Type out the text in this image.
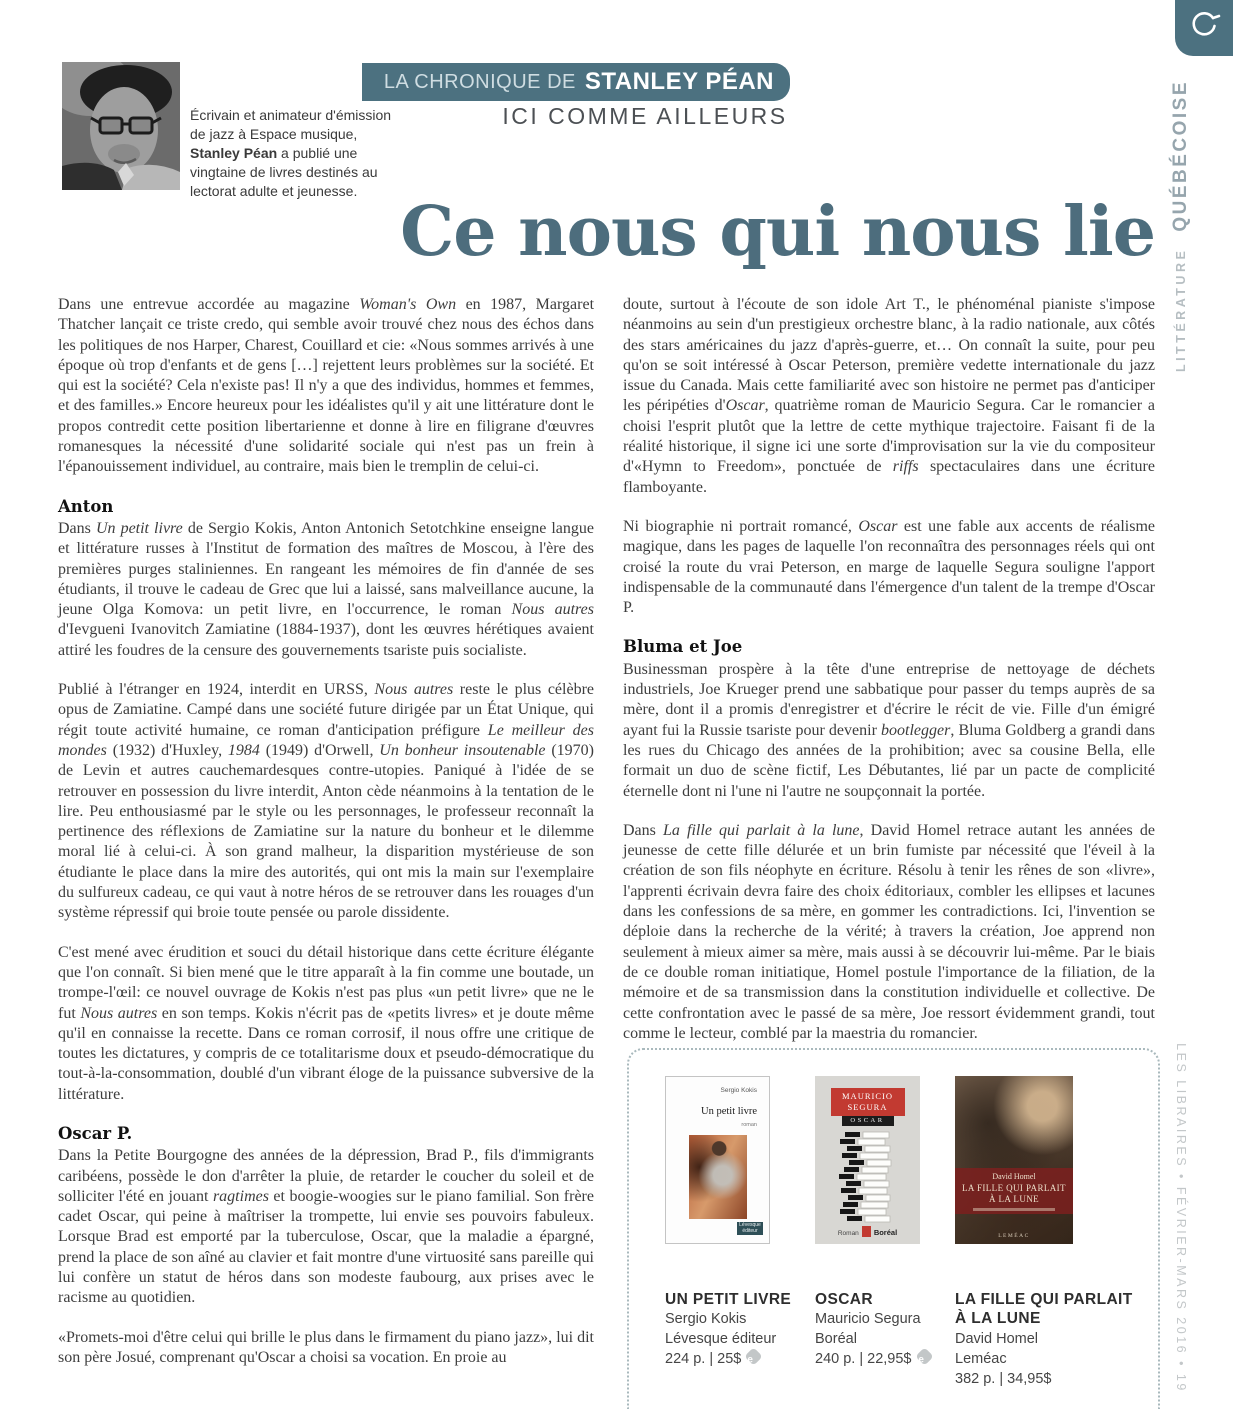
LITTÉRATURE
QUÉBÉCOISE
LES LIBRAIRES • FÉVRIER-MARS 2016 • 19
Écrivain et animateur d'émission de jazz à Espace musique, Stanley Péan a publié une vingtaine de livres destinés au lectorat adulte et jeunesse.
LA CHRONIQUE DE STANLEY PÉAN
ICI COMME AILLEURS
Ce nous qui nous lie

Dans une entrevue accordée au magazine Woman's Own en 1987, Margaret Thatcher lançait ce triste credo, qui semble avoir trouvé chez nous des échos dans les politiques de nos Harper, Charest, Couillard et cie: «Nous sommes arrivés à une époque où trop d'enfants et de gens […] rejettent leurs problèmes sur la société. Et qui est la société? Cela n'existe pas! Il n'y a que des individus, hommes et femmes, et des familles.» Encore heureux pour les idéalistes qu'il y ait une littérature dont le propos contredit cette position libertarienne et donne à lire en filigrane d'œuvres romanesques la nécessité d'une solidarité sociale qui n'est pas un frein à l'épanouissement individuel, au contraire, mais bien le tremplin de celui-ci.

Anton

Dans Un petit livre de Sergio Kokis, Anton Antonich Setotchkine enseigne langue et littérature russes à l'Institut de formation des maîtres de Moscou, à l'ère des premières purges staliniennes. En rangeant les mémoires de fin d'année de ses étudiants, il trouve le cadeau de Grec que lui a laissé, sans malveillance aucune, la jeune Olga Komova: un petit livre, en l'occurrence, le roman Nous autres d'Ievgueni Ivanovitch Zamiatine (1884-1937), dont les œuvres hérétiques avaient attiré les foudres de la censure des gouvernements tsariste puis socialiste.

Publié à l'étranger en 1924, interdit en URSS, Nous autres reste le plus célèbre opus de Zamiatine. Campé dans une société future dirigée par un État Unique, qui régit toute activité humaine, ce roman d'anticipation préfigure Le meilleur des mondes (1932) d'Huxley, 1984 (1949) d'Orwell, Un bonheur insoutenable (1970) de Levin et autres cauchemardesques contre-utopies. Paniqué à l'idée de se retrouver en possession du livre interdit, Anton cède néanmoins à la tentation de le lire. Peu enthousiasmé par le style ou les personnages, le professeur reconnaît la pertinence des réflexions de Zamiatine sur la nature du bonheur et le dilemme moral lié à celui-ci. À son grand malheur, la disparition mystérieuse de son étudiante le place dans la mire des autorités, qui ont mis la main sur l'exemplaire du sulfureux cadeau, ce qui vaut à notre héros de se retrouver dans les rouages d'un système répressif qui broie toute pensée ou parole dissidente.

C'est mené avec érudition et souci du détail historique dans cette écriture élégante que l'on connaît. Si bien mené que le titre apparaît à la fin comme une boutade, un trompe-l'œil: ce nouvel ouvrage de Kokis n'est pas plus «un petit livre» que ne le fut Nous autres en son temps. Kokis n'écrit pas de «petits livres» et je doute même qu'il en connaisse la recette. Dans ce roman corrosif, il nous offre une critique de toutes les dictatures, y compris de ce totalitarisme doux et pseudo-démocratique du tout-à-la-consommation, doublé d'un vibrant éloge de la puissance subversive de la littérature.

Oscar P.

Dans la Petite Bourgogne des années de la dépression, Brad P., fils d'immigrants caribéens, possède le don d'arrêter la pluie, de retarder le coucher du soleil et de solliciter l'été en jouant ragtimes et boogie-woogies sur le piano familial. Son frère cadet Oscar, qui peine à maîtriser la trompette, lui envie ses pouvoirs fabuleux. Lorsque Brad est emporté par la tuberculose, Oscar, que la maladie a épargné, prend la place de son aîné au clavier et fait montre d'une virtuosité sans pareille qui lui confère un statut de héros dans son modeste faubourg, aux prises avec le racisme au quotidien.

«Promets-moi d'être celui qui brille le plus dans le firmament du piano jazz», lui dit son père Josué, comprenant qu'Oscar a choisi sa vocation. En proie au

doute, surtout à l'écoute de son idole Art T., le phénoménal pianiste s'impose néanmoins au sein d'un prestigieux orchestre blanc, à la radio nationale, aux côtés des stars américaines du jazz d'après-guerre, et… On connaît la suite, pour peu qu'on se soit intéressé à Oscar Peterson, première vedette internationale du jazz issue du Canada. Mais cette familiarité avec son histoire ne permet pas d'anticiper les péripéties d'Oscar, quatrième roman de Mauricio Segura. Car le romancier a choisi l'esprit plutôt que la lettre de cette mythique trajectoire. Faisant fi de la réalité historique, il signe ici une sorte d'improvisation sur la vie du compositeur d'«Hymn to Freedom», ponctuée de riffs spectaculaires dans une écriture flamboyante.

Ni biographie ni portrait romancé, Oscar est une fable aux accents de réalisme magique, dans les pages de laquelle l'on reconnaîtra des personnages réels qui ont croisé la route du vrai Peterson, en marge de laquelle Segura souligne l'apport indispensable de la communauté dans l'émergence d'un talent de la trempe d'Oscar P.

Bluma et Joe

Businessman prospère à la tête d'une entreprise de nettoyage de déchets industriels, Joe Krueger prend une sabbatique pour passer du temps auprès de sa mère, dont il a promis d'enregistrer et d'écrire le récit de vie. Fille d'un émigré ayant fui la Russie tsariste pour devenir bootlegger, Bluma Goldberg a grandi dans les rues du Chicago des années de la prohibition; avec sa cousine Bella, elle formait un duo de scène fictif, Les Débutantes, lié par un pacte de complicité éternelle dont ni l'une ni l'autre ne soupçonnait la portée.

Dans La fille qui parlait à la lune, David Homel retrace autant les années de jeunesse de cette fille délurée et un brin fumiste par nécessité que l'éveil à la création de son fils néophyte en écriture. Résolu à tenir les rênes de son «livre», l'apprenti écrivain devra faire des choix éditoriaux, combler les ellipses et lacunes dans les confessions de sa mère, en gommer les contradictions. Ici, l'invention se déploie dans la recherche de la vérité; à travers la création, Joe apprend non seulement à mieux aimer sa mère, mais aussi à se découvrir lui-même. Par le biais de ce double roman initiatique, Homel postule l'importance de la filiation, de la mémoire et de sa transmission dans la constitution individuelle et collective. De cette confrontation avec le passé de sa mère, Joe ressort évidemment grandi, tout comme le lecteur, comblé par la maestria du romancier.

Sergio Kokis
Un petit livre
roman
Lévesque éditeur
UN PETIT LIVRE
Sergio Kokis
Lévesque éditeur
224 p. | 25$ e
MAURICIO
SEGURA
OSCAR
Roman Boréal
OSCAR
Mauricio Segura
Boréal
240 p. | 22,95$ e
David Homel
LA FILLE QUI PARLAIT
À LA LUNE
LEMÉAC
LA FILLE QUI PARLAIT À LA LUNE
David Homel
Leméac
382 p. | 34,95$
